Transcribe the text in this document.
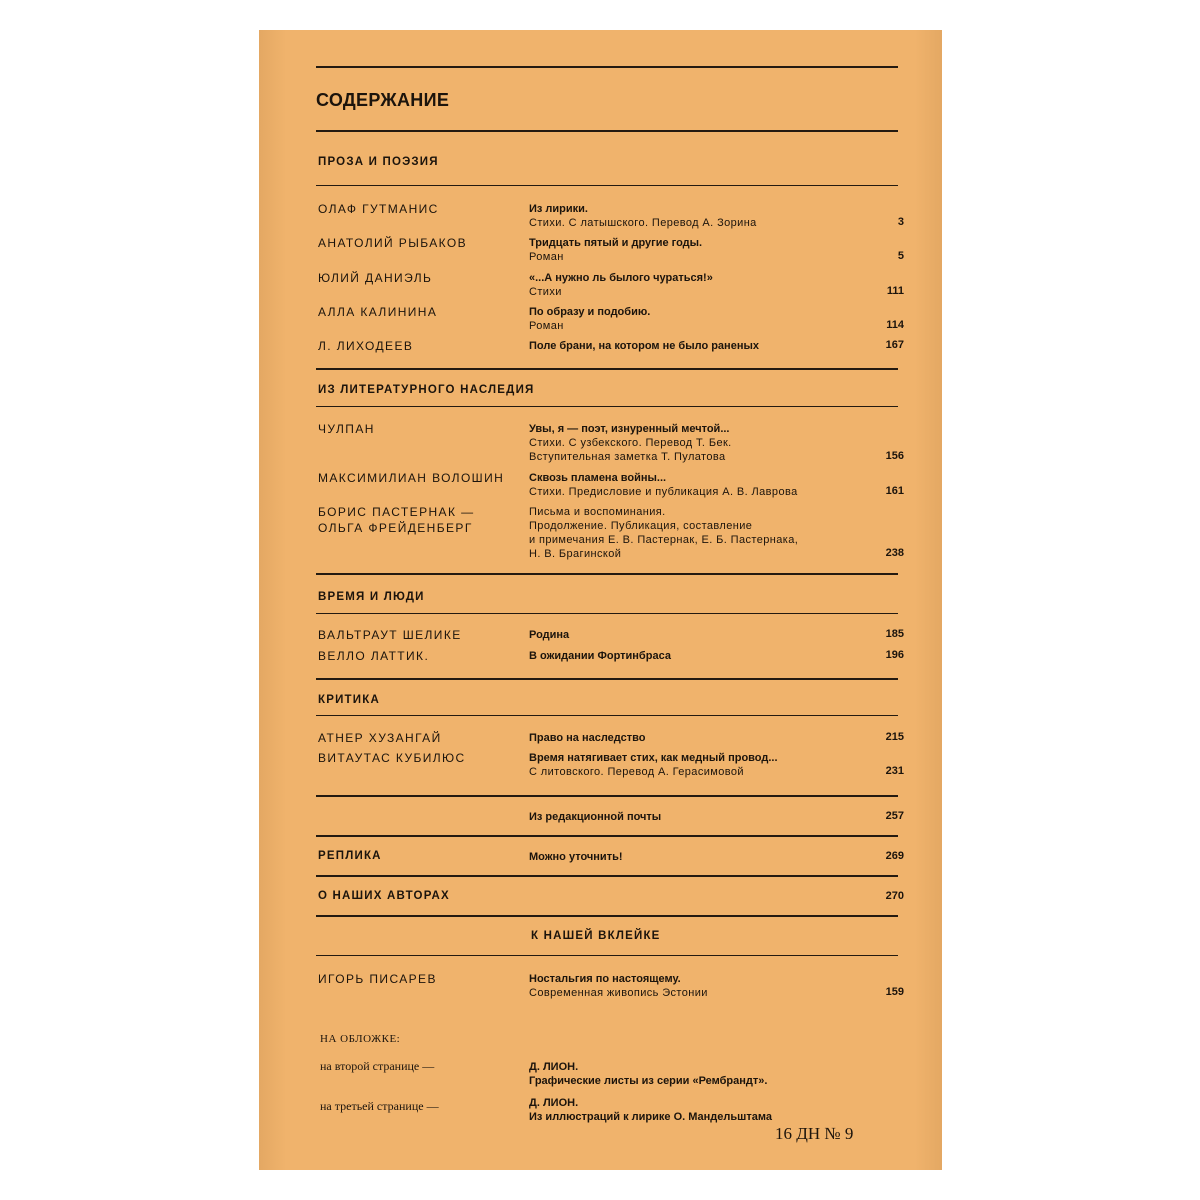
СОДЕРЖАНИЕ
ПРОЗА И ПОЭЗИЯ
ОЛАФ ГУТМАНИС	Из лирики.
Стихи. С латышского. Перевод А. Зорина	3
АНАТОЛИЙ РЫБАКОВ	Тридцать пятый и другие годы.
Роман	5
ЮЛИЙ ДАНИЭЛЬ	«...А нужно ль былого чураться!»
Стихи	111
АЛЛА КАЛИНИНА	По образу и подобию.
Роман	114
Л. ЛИХОДЕЕВ	Поле брани, на котором не было раненых	167
ИЗ ЛИТЕРАТУРНОГО НАСЛЕДИЯ
ЧУЛПАН	Увы, я — поэт, изнуренный мечтой...
Стихи. С узбекского. Перевод Т. Бек.
Вступительная заметка Т. Пулатова	156
МАКСИМИЛИАН ВОЛОШИН Сквозь пламена войны...
Стихи. Предисловие и публикация А. В. Лаврова	161
БОРИС ПАСТЕРНАК —
ОЛЬГА ФРЕЙДЕНБЕРГ
Письма и воспоминания.
Продолжение. Публикация, составление
и примечания Е. В. Пастернак, Е. Б. Пастернака,
Н. В. Брагинской	238
ВРЕМЯ И ЛЮДИ
ВАЛЬТРАУТ ШЕЛИКЕ	Родина	185
ВЕЛЛО ЛАТТИК.	В ожидании Фортинбраса	196
КРИТИКА
АТНЕР ХУЗАНГАЙ	Право на наследство	215
ВИТАУТАС КУБИЛЮС	Время натягивает стих, как медный провод...
С литовского. Перевод А. Герасимовой	231
Из редакционной почты	257
РЕПЛИКА	Можно уточнить!	269
О НАШИХ АВТОРАХ	270
К НАШЕЙ ВКЛЕЙКЕ
ИГОРЬ ПИСАРЕВ	Ностальгия по настоящему.
Современная живопись Эстонии	159
НА ОБЛОЖКЕ:
на второй странице —	Д. ЛИОН.
Графические листы из серии «Рембрандт».
на третьей странице —	Д. ЛИОН.
Из иллюстраций к лирике О. Мандельштама
16 ДН № 9
